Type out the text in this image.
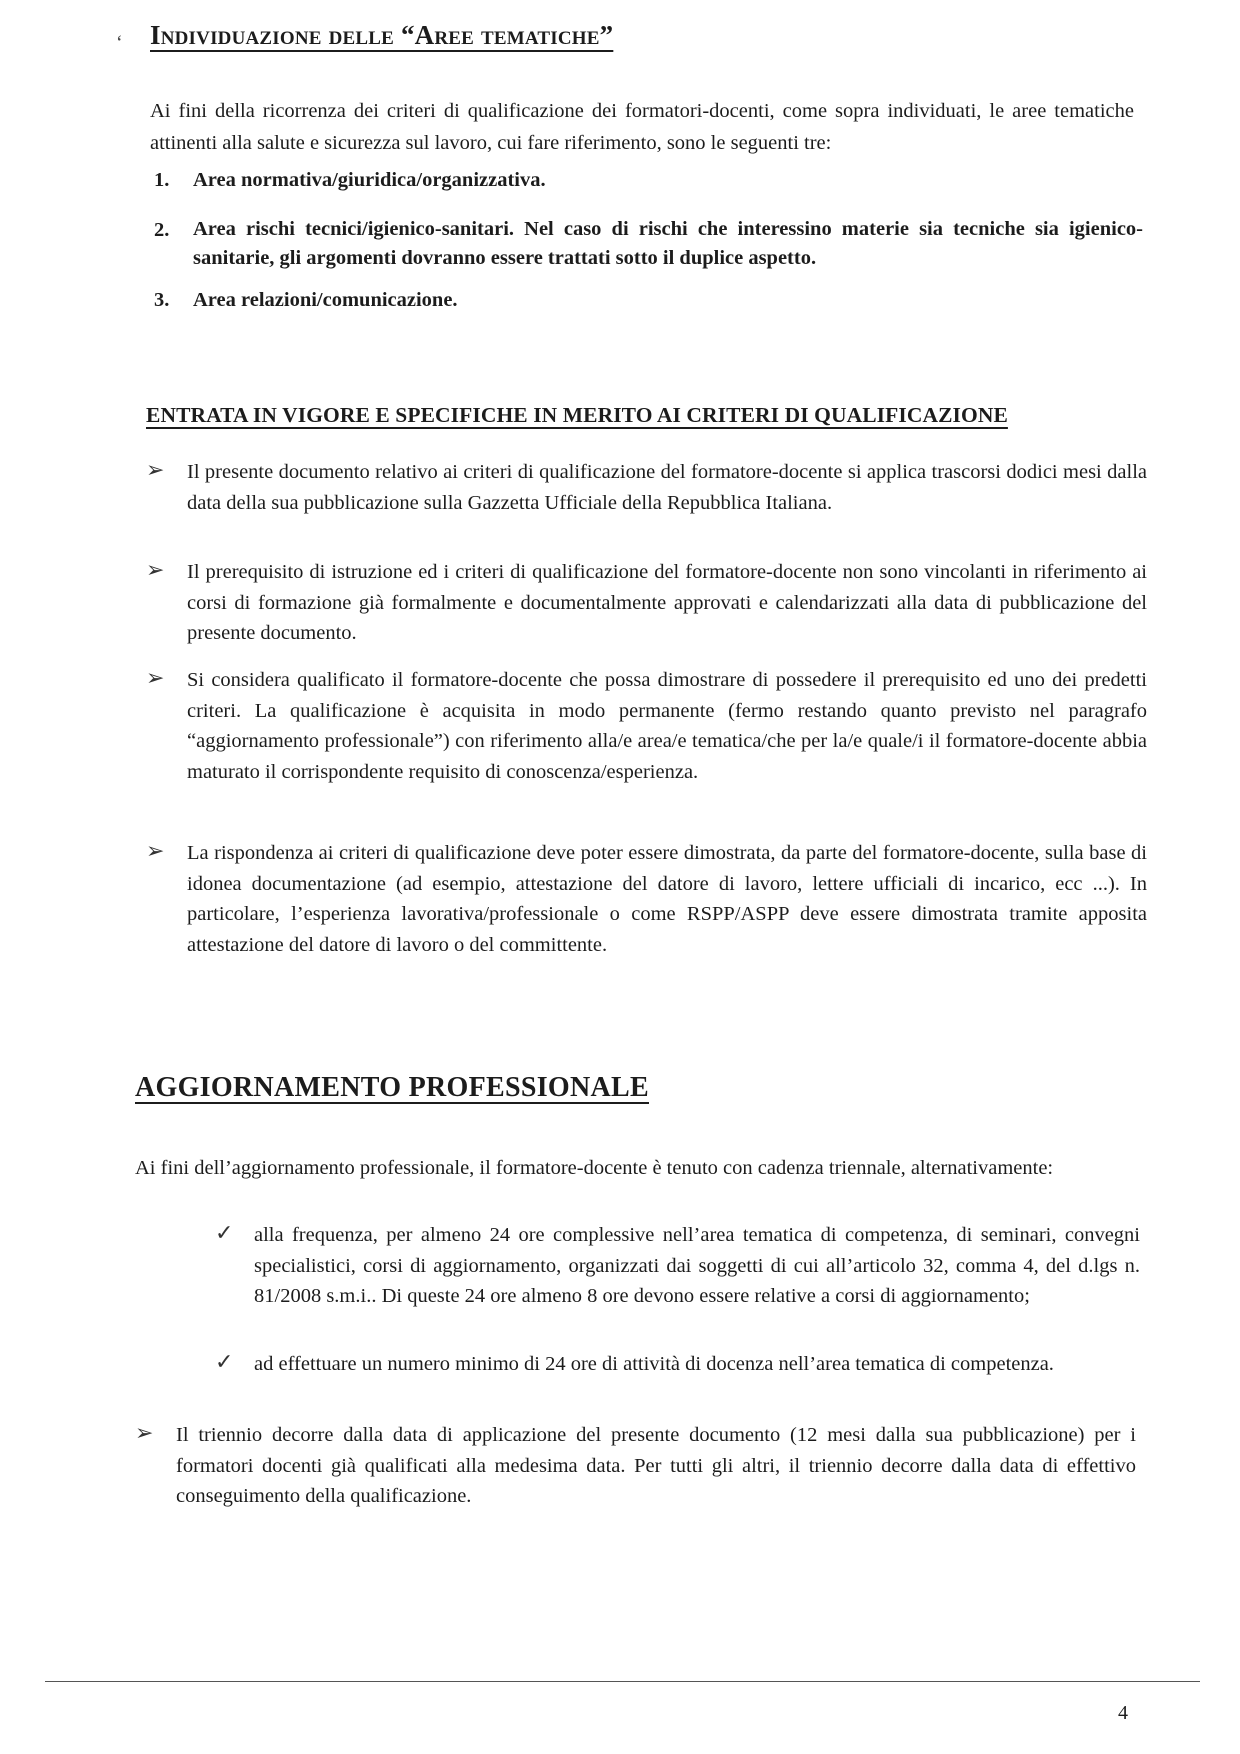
‘ Individuazione delle “Aree tematiche”
Ai fini della ricorrenza dei criteri di qualificazione dei formatori-docenti, come sopra individuati, le aree tematiche attinenti alla salute e sicurezza sul lavoro, cui fare riferimento, sono le seguenti tre:
1. Area normativa/giuridica/organizzativa.
2. Area rischi tecnici/igienico-sanitari. Nel caso di rischi che interessino materie sia tecniche sia igienico- sanitarie, gli argomenti dovranno essere trattati sotto il duplice aspetto.
3. Area relazioni/comunicazione.
ENTRATA IN VIGORE E SPECIFICHE IN MERITO AI CRITERI DI QUALIFICAZIONE
➢ Il presente documento relativo ai criteri di qualificazione del formatore-docente si applica trascorsi dodici mesi dalla data della sua pubblicazione sulla Gazzetta Ufficiale della Repubblica Italiana.
➢ Il prerequisito di istruzione ed i criteri di qualificazione del formatore-docente non sono vincolanti in riferimento ai corsi di formazione già formalmente e documentalmente approvati e calendarizzati alla data di pubblicazione del presente documento.
➢ Si considera qualificato il formatore-docente che possa dimostrare di possedere il prerequisito ed uno dei predetti criteri. La qualificazione è acquisita in modo permanente (fermo restando quanto previsto nel paragrafo “aggiornamento professionale”) con riferimento alla/e area/e tematica/che per la/e quale/i il formatore-docente abbia maturato il corrispondente requisito di conoscenza/esperienza.
➢	La rispondenza ai criteri di qualificazione deve poter essere dimostrata, da parte del formatore-docente, sulla base di idonea documentazione (ad esempio, attestazione del datore di lavoro, lettere ufficiali di incarico, ecc ...). In particolare, l’esperienza lavorativa/professionale o come RSPP/ASPP deve essere dimostrata tramite apposita attestazione del datore di lavoro o del committente.
AGGIORNAMENTO PROFESSIONALE
Ai fini dell’aggiornamento professionale, il formatore-docente è tenuto con cadenza triennale, alternativamente:
✓ alla frequenza, per almeno 24 ore complessive nell’area tematica di competenza, di seminari, convegni specialistici, corsi di aggiornamento, organizzati dai soggetti di cui all’articolo 32, comma 4, del d.lgs n. 81/2008 s.m.i.. Di queste 24 ore almeno 8 ore devono essere relative a corsi di aggiornamento;
✓ ad effettuare un numero minimo di 24 ore di attività di docenza nell’area tematica di competenza.
➢ Il triennio decorre dalla data di applicazione del presente documento (12 mesi dalla sua pubblicazione) per i formatori docenti già qualificati alla medesima data. Per tutti gli altri, il triennio decorre dalla data di effettivo conseguimento della qualificazione.
4
